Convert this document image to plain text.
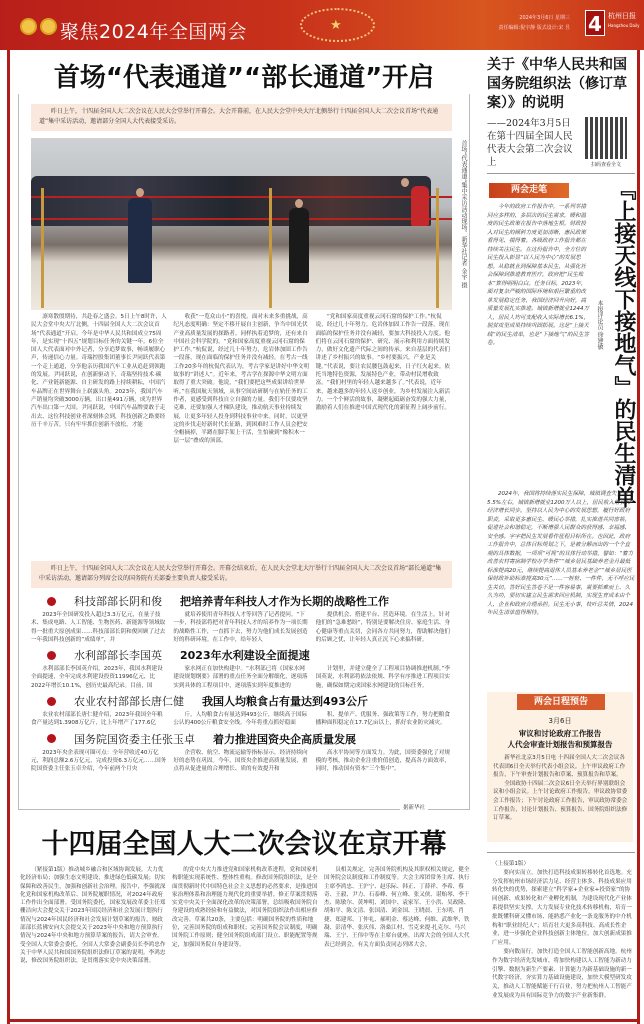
聚焦2024年全国两会	★	2024年3月6日 星期三
责任编辑:倪宇静 版式设计:宋 昱 4 杭州日报
Hangzhou Daily
首场“代表通道”“部长通道”开启
昨日上午，十四届全国人大二次会议在人民大会堂举行开幕会。大会开幕前，在人民大会堂中央大厅北侧举行十四届全国人大二次会议首场“代表通道”集中采访活动，邀请部分全国人大代表接受采访。
首场“代表通道”集中采访活动现场。新华社记者 金宇 摄
凛寒散殷期待，共赴春之盛会。5日上午8时许，人民大会堂中央大厅北侧，十四届全国人大二次会议首场“代表通道”开启。今年是中华人民共和国成立75周年，是实现“十四五”规划目标任务的关键一年。6位全国人大代表面对中外记者，分享追梦故事，畅谈履职心声，传递信心力量。奇瑞控股集团董事长尹同跃代表第一个走上通道，分享他亲历我国汽车工业从追赶到领跑的发展。尹同跃说，在创新驱动下，奇瑞坚持技术·碳化、产业链新能源、自主研发的路上持续耕耘，中国汽车品牌正在世界舞台上崭露头角。2023年，我国汽车产销量均突破3000万辆，出口量491万辆，成为世界汽车出口第一大国。尹同跃说，中国汽车品牌要敢于走出去、这位科技创业者深刻体会到，科技创新之路要经历千辛万苦，只有牢牢抓住创新不放松，才能
收获“一览众山小”的喜悦。面对未来多重挑战，高纪凡态度明确：坚定不移开展自主创新，争当中国光伏产业高质量发展的探路者。同样执着追梦的，还有来自中国社会科学院的。“党和国家高度重视云冈石窟的保护工作。”杭侃说，经过几十年努力，危岩体加固工作告一段落，现在面临的保护任务并没有减轻。在考古一线工作20多年的杭侃代表认为，考古学家是讲好中华文明故事的“讲述人”。近年来，考古学在探源中华文明方面取得了重大突破。他说，“我们要把这些成果讲给世界听。”在我国航天领域，从事空间站研制与在轨任务的工作者，更感受到科技自立自强的力量。我们不仅要攻坚克难，还要加强人才梯队建设，推动航天事业持续发展，让更多年轻人投身到科技事业中来。同时，以更坚定的步伐走好新时代长征路，到困难时工作人员会把安全帽摘掉，半蹲在脚手架上干活，生怕碰到“像积木一层一层”叠成的顶部。
“党和国家高度重视云冈石窟的保护工作。”杭侃说，经过几十年努力，危岩体加固工作告一段落，现在面临的保护任务并没有减轻，要加大科技投入力度。他们将在云冈石窟的保护、研究、展示和利用方面持续发力，做好文化遗产代际之间的传承。来自基层的代表们讲述了乡村振兴的故事。“乡村要振兴，产业是关键。”代表说，要让农民腰包鼓起来，日子红火起来。依托当地特色资源，发展特色产业，带动村民增收致富。“我们村里的年轻人越来越多了。”代表说，近年来，越来越多的年轻人返乡创业，为乡村发展注入新活力。一个个鲜活的故事，凝聚起砥砺奋发的强大力量，激励着人们在推进中国式现代化的新征程上阔步前行。
昨日上午，十四届全国人大二次会议在人民大会堂举行开幕会。开幕会结束后，在人民大会堂北大厅举行十四届全国人大二次会议首场“部长通道”集中采访活动，邀请部分列席会议的国务院有关部委主要负责人接受采访。
科技部部长阴和俊 把培养青年科技人才作为长期的战略性工作
2023年全国研发投入超过3.3万亿元，在量子技术、集成电路、人工智能、生物医药、新能源等领域取得一批重大原创成果……科技部部长阴和俊回顾了过去一年我国科技创新的“成绩单”，并
就培养使用青年科技人才等回答了记者提问。“下一步，科技部将把对青年科技人才的培养作为一项长期的战略性工作，一直抓下去，努力为他们成长发展创造好的科研环境。在工作中，给年轻人
提供机会、搭建平台、营造环境。在生活上，针对他们的“急难愁盼”，特别是要解决住房、家庭生活、身心健康等重点关切，会同各方共同努力，帮助解决他们的后顾之忧，让年轻人真正沉下心来搞科研。
水利部部长李国英 2023年水利建设全面提速
水利部部长李国英介绍，2023年，我国水利建设全面提速，全年完成水利建设投资11996亿元，比2022年增长10.1%，创历史最高纪录。目前，国
家水网正在加快构建中。“水利部已将《国家水网建设规划纲要》部署的重点任务全面分解细化，逐项落实到具体的工程项目中，逐项落实到年度推进的
计划里，并建立健全了工程项目协调推进机制。”李国英说，水利部将依法依规、科学有序推进工程项目实施，确保如期完成国家水网建设的目标任务。
农业农村部部长唐仁健 我国人均粮食占有量达到493公斤
农业农村部部长唐仁健介绍，2023年我国全年粮食产量达到1.3908万亿斤，比上年增产了177.6亿
斤，人均粮食占有量达到493公斤，继续高于国际公认的400公斤粮食安全线。今年将重点抓好稳面
积、提单产、优服务、强政策等工作，努力把粮食播种面积稳定在17.7亿亩以上，抓好农业防灾减灾。
国务院国资委主任张玉卓 着力推进国资央企高质量发展
2023年央企表现可圈可点：全年营收近40万亿元，利润总额2.6万亿元，完成投资6.3万亿元……国务院国资委主任张玉卓介绍，今年前两个月央
企营收、航空、物流运输等指标显示，经济持续向好的态势在巩固。今年，国资央企推进高质量发展，重点将从促进量的合理增长、质的有效提升和
高水平协同等方面发力。为此，国资委强化了对规模的考核，推动企业注重价值创造，提高各方面效率，同时，推动国有资本“三个集中”。
据新华社
十四届全国人大二次会议在京开幕
（紧接第1版）推动城乡融合和区域协调发展，大力优化经济布局；加强生态文明建设，推进绿色低碳发展；切实保障和改善民生，加强和创新社会治理。报告中，李强就深化党和国家机构改革后、国务院履职情况，对2024年政府工作作出全面部署。受国务院委托，国家发展改革委主任郑栅洁向大会提交关于2023年国民经济和社会发展计划执行情况与2024年国民经济和社会发展计划草案的报告，财政部部长蓝佛安向大会提交关于2023年中央和地方预算执行情况与2024年中央和地方预算草案的报告，请大会审查。受全国人大常委会委托，全国人大常委会副委员长李鸿忠作关于中华人民共和国国务院组织法修订草案的说明。李鸿忠说，修改国务院组织法，是贯彻落实党中央决策部署。
的党中央大力推进党和国家机构改革进程，党和国家机构职能实现系统性、整体性重构。修改国务院组织法，是全面贯彻新时代中国特色社会主义思想的必然要求，是推进国家治理体系和治理能力现代化的重要举措。修正草案贯彻落实党中央关于全面深化改革的决策部署，总结吸收国务院自身建设的成熟经验和有益做法，对国务院组织法作出相应修改完善。草案共20条，主要包括：明确国务院的性质和地位，完善国务院的组成和职权；完善国务院会议制度，明确国务院工作原则；健全国务院组成部门设立、职能配置等规定，加强国务院自身建设等。
员相关规定，完善国务院机构及其职权相关规定，健全国务院会议制度和工作制度等。大会主席团常务主席、执行主席李鸿忠、王沪宁、赵乐际、韩正、丁薛祥、李希、蔡奇、王毅、尹力、石泰峰、何立峰、张又侠、谌贻琴、李干杰、陈敏尔、黄坤明、刘国中、袁家军、王小洪、吴政隆、胡和平、陈文清、张国清、刘金国、王晓晨、王东明、肖捷、郑建邦、丁仲礼、郝明金、蔡达峰、何维、武维华、铁凝、彭清华、张庆伟、洛桑江村、雪克来提·扎克尔、马兴瑞、王宁、王伟中等在主席台就座。出席大会的全国人大代表已经到会，有关方面负责同志列席大会。
关于《中华人民共和国国务院组织法（修订草案）》的说明
——2024年3月5日在第十四届全国人民代表大会第二次会议上	扫码查看全文
两会走笔	『上接天线下接地气』的民生清单
本报评论员 徐建敏
今年的政府工作报告中，一系列举措回应多样的、多层次的民生需求，暖和温度的民生政策在报告中落地生根。财政投入对民生的倾斜力度更加清晰，惠民政策看得见、摸得着。各级政府工作报告都在持续关注民生。在这份报告中，全方位的民生投入彰显“以人民为中心”的发展思想。从稳就业到保障基本民生，从强化社会保障到推进教育医疗，政府把“民生账本”算得明明白白。任务目标，2023年，面对复杂严峻的国际环境和艰巨繁重的改革发展稳定任务，我国经济回升向好，高质量发展扎实推进。城镇新增就业1244万人，居民人均可支配收入实际增长6.1%，脱贫攻坚成果持续巩固拓展。这是“上接天线”的民生清单，也是“下接地气”的民生答卷。
2024年，我国将持续落实民生保障，城镇调查失业率5.5%左右，城镇新增就业1200万人以上，居民收入增长和经济增长同步。坚持以人民为中心的发展思想，履行好政府职责，采取更多惠民生、暖民心举措，扎实推进共同富裕，促进社会和谐稳定，不断增强人民群众的获得感、幸福感、安全感。字字把民生发展看作征程目标所在。也因此，政府工作报告中，总体目标规划之下，是被分解而出的一个个直观的具体数据，一项项“可视”的具体行动举措，譬如：“着力改善农村寄宿制学校办学条件”“城乡居民基础养老金月最低标准提高20元，继续提高退休人员基本养老金”“城乡居民医保财政补助标准提高30元”……一桩桩、一件件，无不呼应民生关切。答好民生答卷不是一件容易事，需要抓难而上、久久为功，要切实建立民生需求回应机制，实现生育成本由个人、企业和政府合理承担。民生无小事，枝叶总关情，2024年民生清单值得期待。
两会日程预告
3月6日
审议和讨论政府工作报告
人代会审查计划报告和预算报告

新华社北京3月5日电 十四届全国人大二次会议各代表团6日全天举行代表小组会议。上午审议政府工作报告，下午审查计划报告和草案、预算报告和草案。

全国政协十四届二次会议6日全天举行界别联组会议和小组会议。上午讨论政府工作报告，审议政协常委会工作报告；下午讨论政府工作报告，审议政协常委会工作报告，讨论计划报告、预算报告、国务院组织法修订草案。

（上接第1版）

要向实而立，加快打造科技成果转移转化首选地。充分发挥杭州市场经济活力足、经营主体多、科技成果应用转化快的优势，探索建立“科学家+企业家+投资家”的协同创新、成果转化和产业孵化机制，为建设现代化产业体系提供坚实支撑。大力发展专业化技术转移机构，培育一批既懂科研又懂市场、能熟悉产业化一条龙服务的中介机构和“职业经纪人”；培育壮大更多高科技、高成长性企业，进一步强化企业科技创新主体地位，加大创新成果推广应用。

要向数而行，加快打造全国人工智能创新高地。杭州作为数字经济先发城市，将加快构建以人工智能为新动力引擎、数据为新生产要素、计算能力为新基础设施的新一代数字经济，夯实算力基础设施建设，加快大模型研发攻关，推动人工智能赋能千行百业，努力把杭州人工智能产业发展成为具有国际竞争力的数字产业新集群。
